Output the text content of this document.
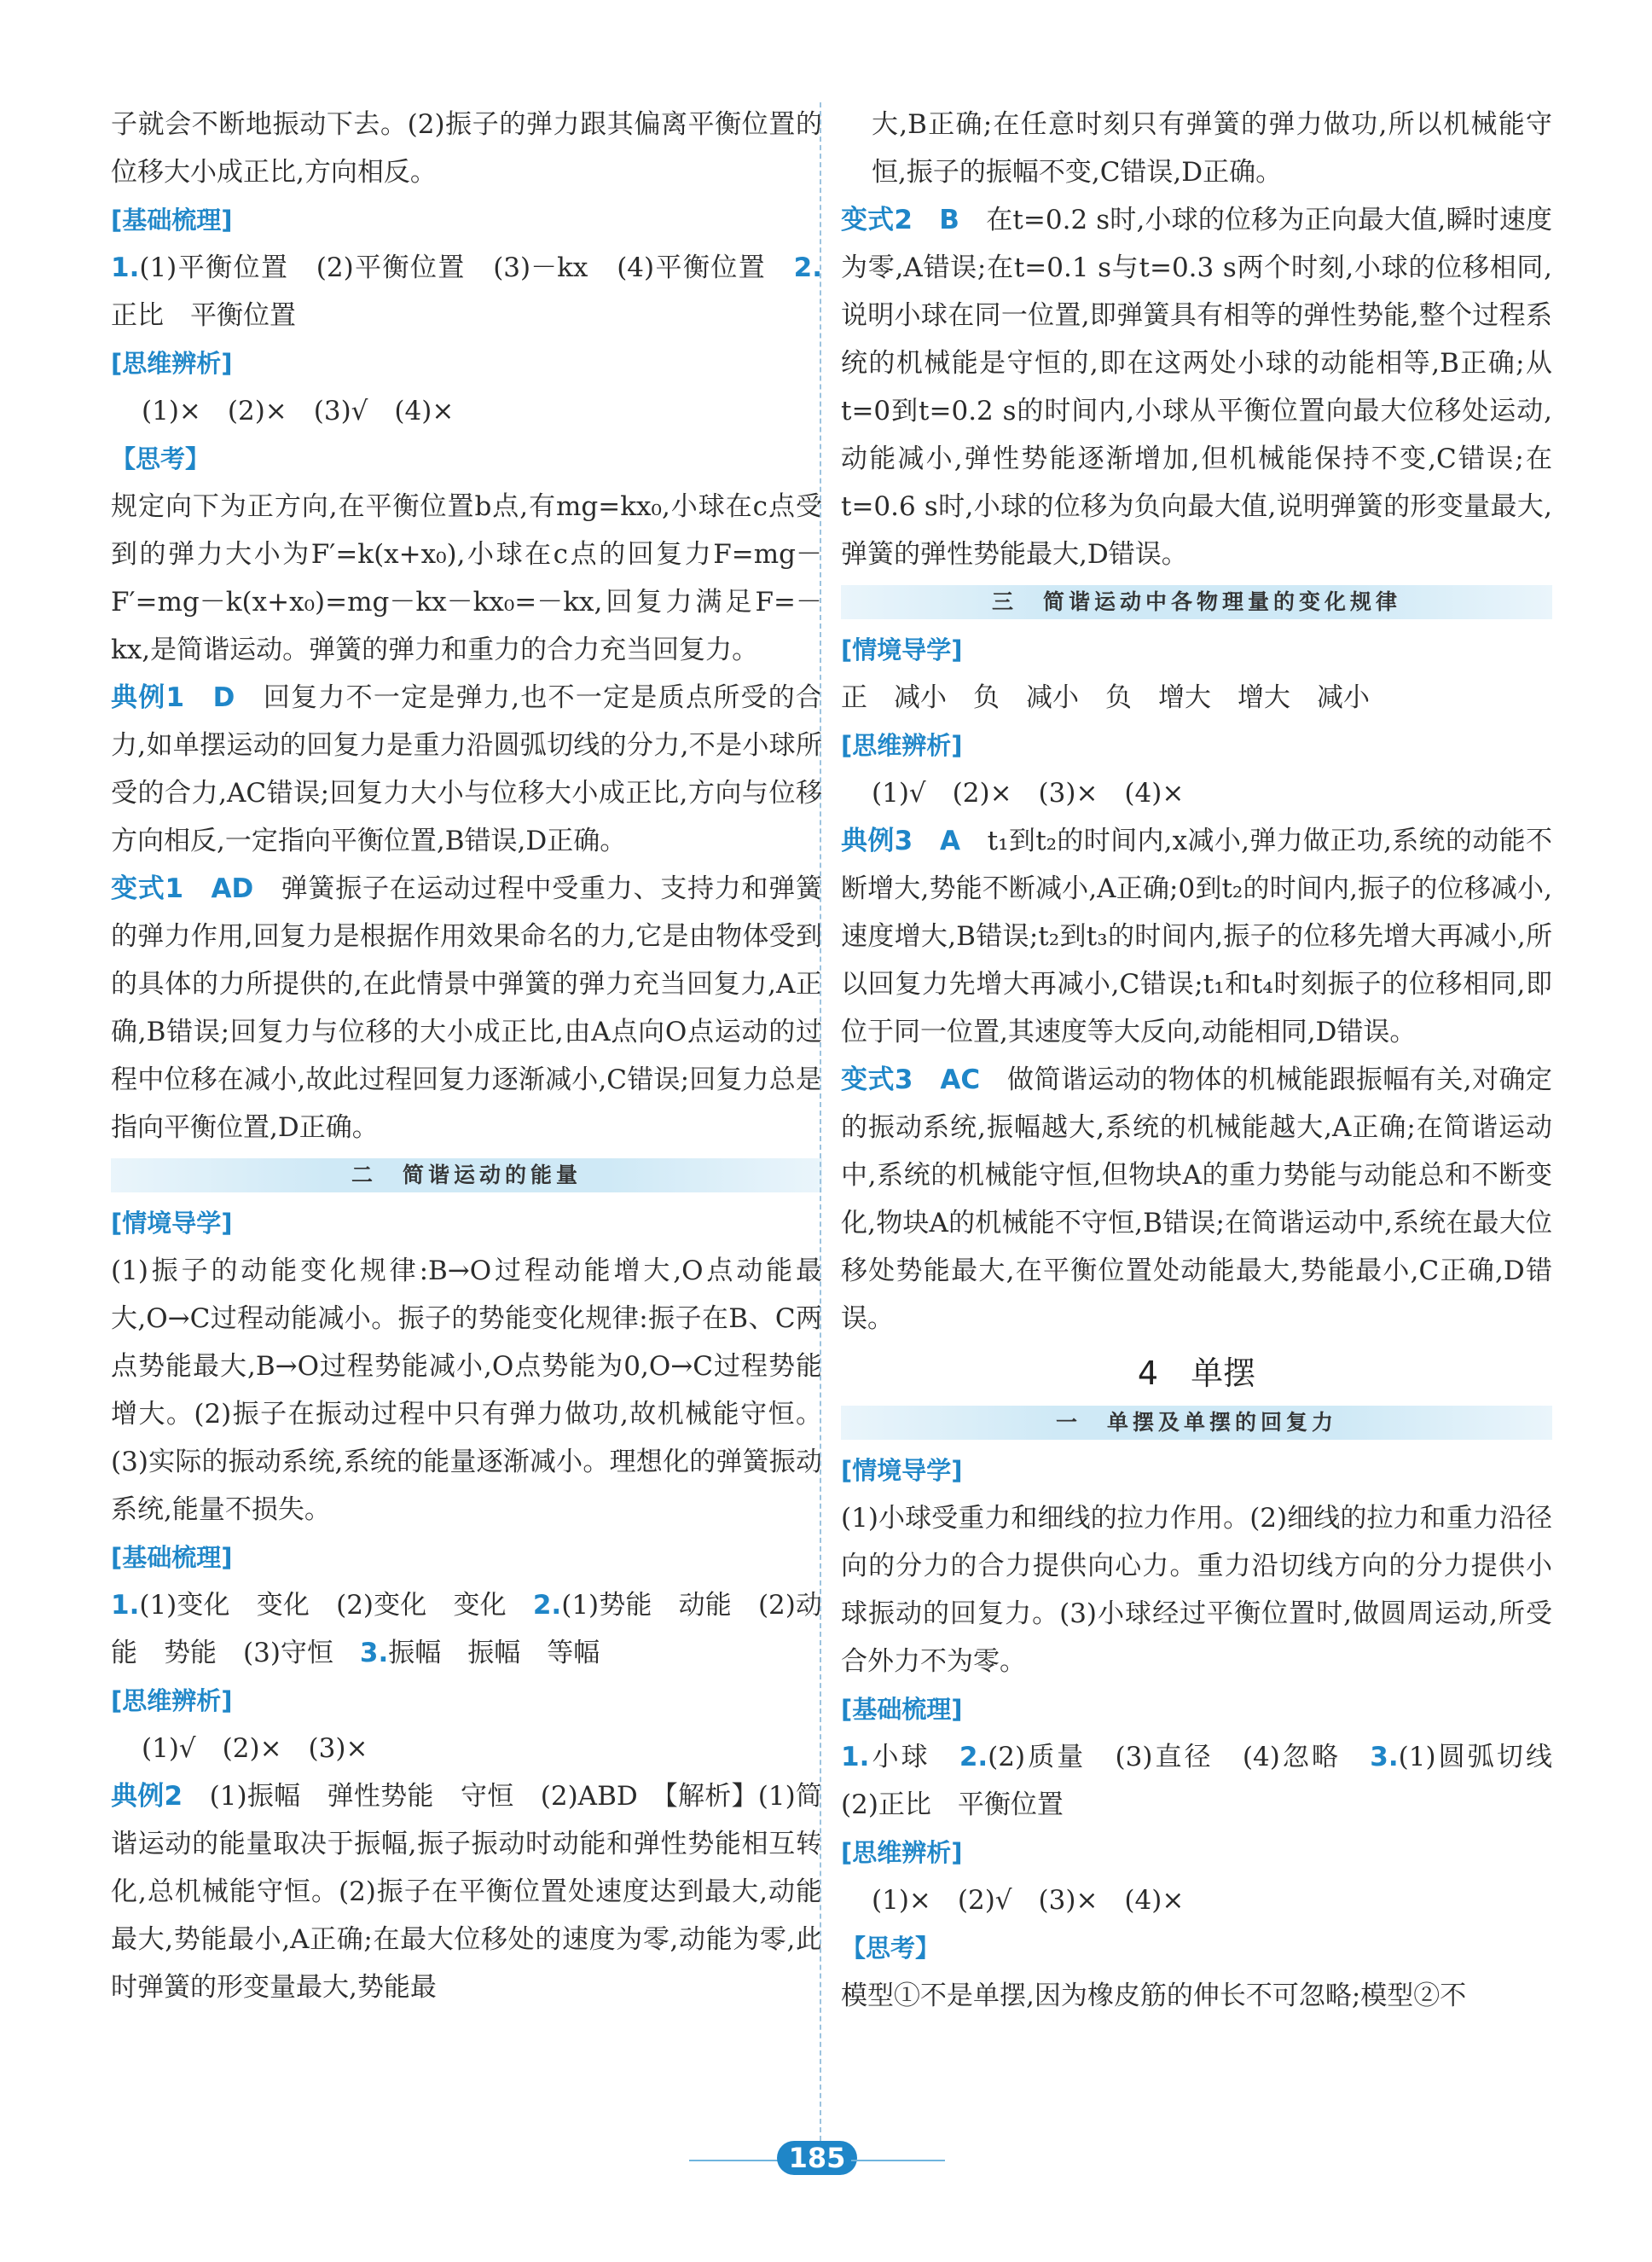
子就会不断地振动下去。(2)振子的弹力跟其偏离平衡位置的位移大小成正比,方向相反。

[基础梳理]

1.(1)平衡位置　(2)平衡位置　(3)－kx　(4)平衡位置　2.正比　平衡位置

[思维辨析]

(1)×　(2)×　(3)√　(4)×

【思考】

规定向下为正方向,在平衡位置b点,有mg=kx₀,小球在c点受到的弹力大小为F′=k(x+x₀),小球在c点的回复力F=mg－F′=mg－k(x+x₀)=mg－kx－kx₀=－kx,回复力满足F=－kx,是简谐运动。弹簧的弹力和重力的合力充当回复力。

典例1　D　回复力不一定是弹力,也不一定是质点所受的合力,如单摆运动的回复力是重力沿圆弧切线的分力,不是小球所受的合力,AC错误;回复力大小与位移大小成正比,方向与位移方向相反,一定指向平衡位置,B错误,D正确。

变式1　AD　弹簧振子在运动过程中受重力、支持力和弹簧的弹力作用,回复力是根据作用效果命名的力,它是由物体受到的具体的力所提供的,在此情景中弹簧的弹力充当回复力,A正确,B错误;回复力与位移的大小成正比,由A点向O点运动的过程中位移在减小,故此过程回复力逐渐减小,C错误;回复力总是指向平衡位置,D正确。

二　简谐运动的能量

[情境导学]

(1)振子的动能变化规律:B→O过程动能增大,O点动能最大,O→C过程动能减小。振子的势能变化规律:振子在B、C两点势能最大,B→O过程势能减小,O点势能为0,O→C过程势能增大。(2)振子在振动过程中只有弹力做功,故机械能守恒。(3)实际的振动系统,系统的能量逐渐减小。理想化的弹簧振动系统,能量不损失。

[基础梳理]

1.(1)变化　变化　(2)变化　变化　2.(1)势能　动能　(2)动能　势能　(3)守恒　3.振幅　振幅　等幅

[思维辨析]

(1)√　(2)×　(3)×

典例2　(1)振幅　弹性势能　守恒　(2)ABD　【解析】(1)简谐运动的能量取决于振幅,振子振动时动能和弹性势能相互转化,总机械能守恒。(2)振子在平衡位置处速度达到最大,动能最大,势能最小,A正确;在最大位移处的速度为零,动能为零,此时弹簧的形变量最大,势能最

大,B正确;在任意时刻只有弹簧的弹力做功,所以机械能守恒,振子的振幅不变,C错误,D正确。

变式2　B　在t=0.2 s时,小球的位移为正向最大值,瞬时速度为零,A错误;在t=0.1 s与t=0.3 s两个时刻,小球的位移相同,说明小球在同一位置,即弹簧具有相等的弹性势能,整个过程系统的机械能是守恒的,即在这两处小球的动能相等,B正确;从t=0到t=0.2 s的时间内,小球从平衡位置向最大位移处运动,动能减小,弹性势能逐渐增加,但机械能保持不变,C错误;在t=0.6 s时,小球的位移为负向最大值,说明弹簧的形变量最大,弹簧的弹性势能最大,D错误。

三　简谐运动中各物理量的变化规律

[情境导学]

正　减小　负　减小　负　增大　增大　减小

[思维辨析]

(1)√　(2)×　(3)×　(4)×

典例3　A　t₁到t₂的时间内,x减小,弹力做正功,系统的动能不断增大,势能不断减小,A正确;0到t₂的时间内,振子的位移减小,速度增大,B错误;t₂到t₃的时间内,振子的位移先增大再减小,所以回复力先增大再减小,C错误;t₁和t₄时刻振子的位移相同,即位于同一位置,其速度等大反向,动能相同,D错误。

变式3　AC　做简谐运动的物体的机械能跟振幅有关,对确定的振动系统,振幅越大,系统的机械能越大,A正确;在简谐运动中,系统的机械能守恒,但物块A的重力势能与动能总和不断变化,物块A的机械能不守恒,B错误;在简谐运动中,系统在最大位移处势能最大,在平衡位置处动能最大,势能最小,C正确,D错误。

4　单摆
一　单摆及单摆的回复力

[情境导学]

(1)小球受重力和细线的拉力作用。(2)细线的拉力和重力沿径向的分力的合力提供向心力。重力沿切线方向的分力提供小球振动的回复力。(3)小球经过平衡位置时,做圆周运动,所受合外力不为零。

[基础梳理]

1.小球　2.(2)质量　(3)直径　(4)忽略　3.(1)圆弧切线　(2)正比　平衡位置

[思维辨析]

(1)×　(2)√　(3)×　(4)×

【思考】

模型①不是单摆,因为橡皮筋的伸长不可忽略;模型②不

185
